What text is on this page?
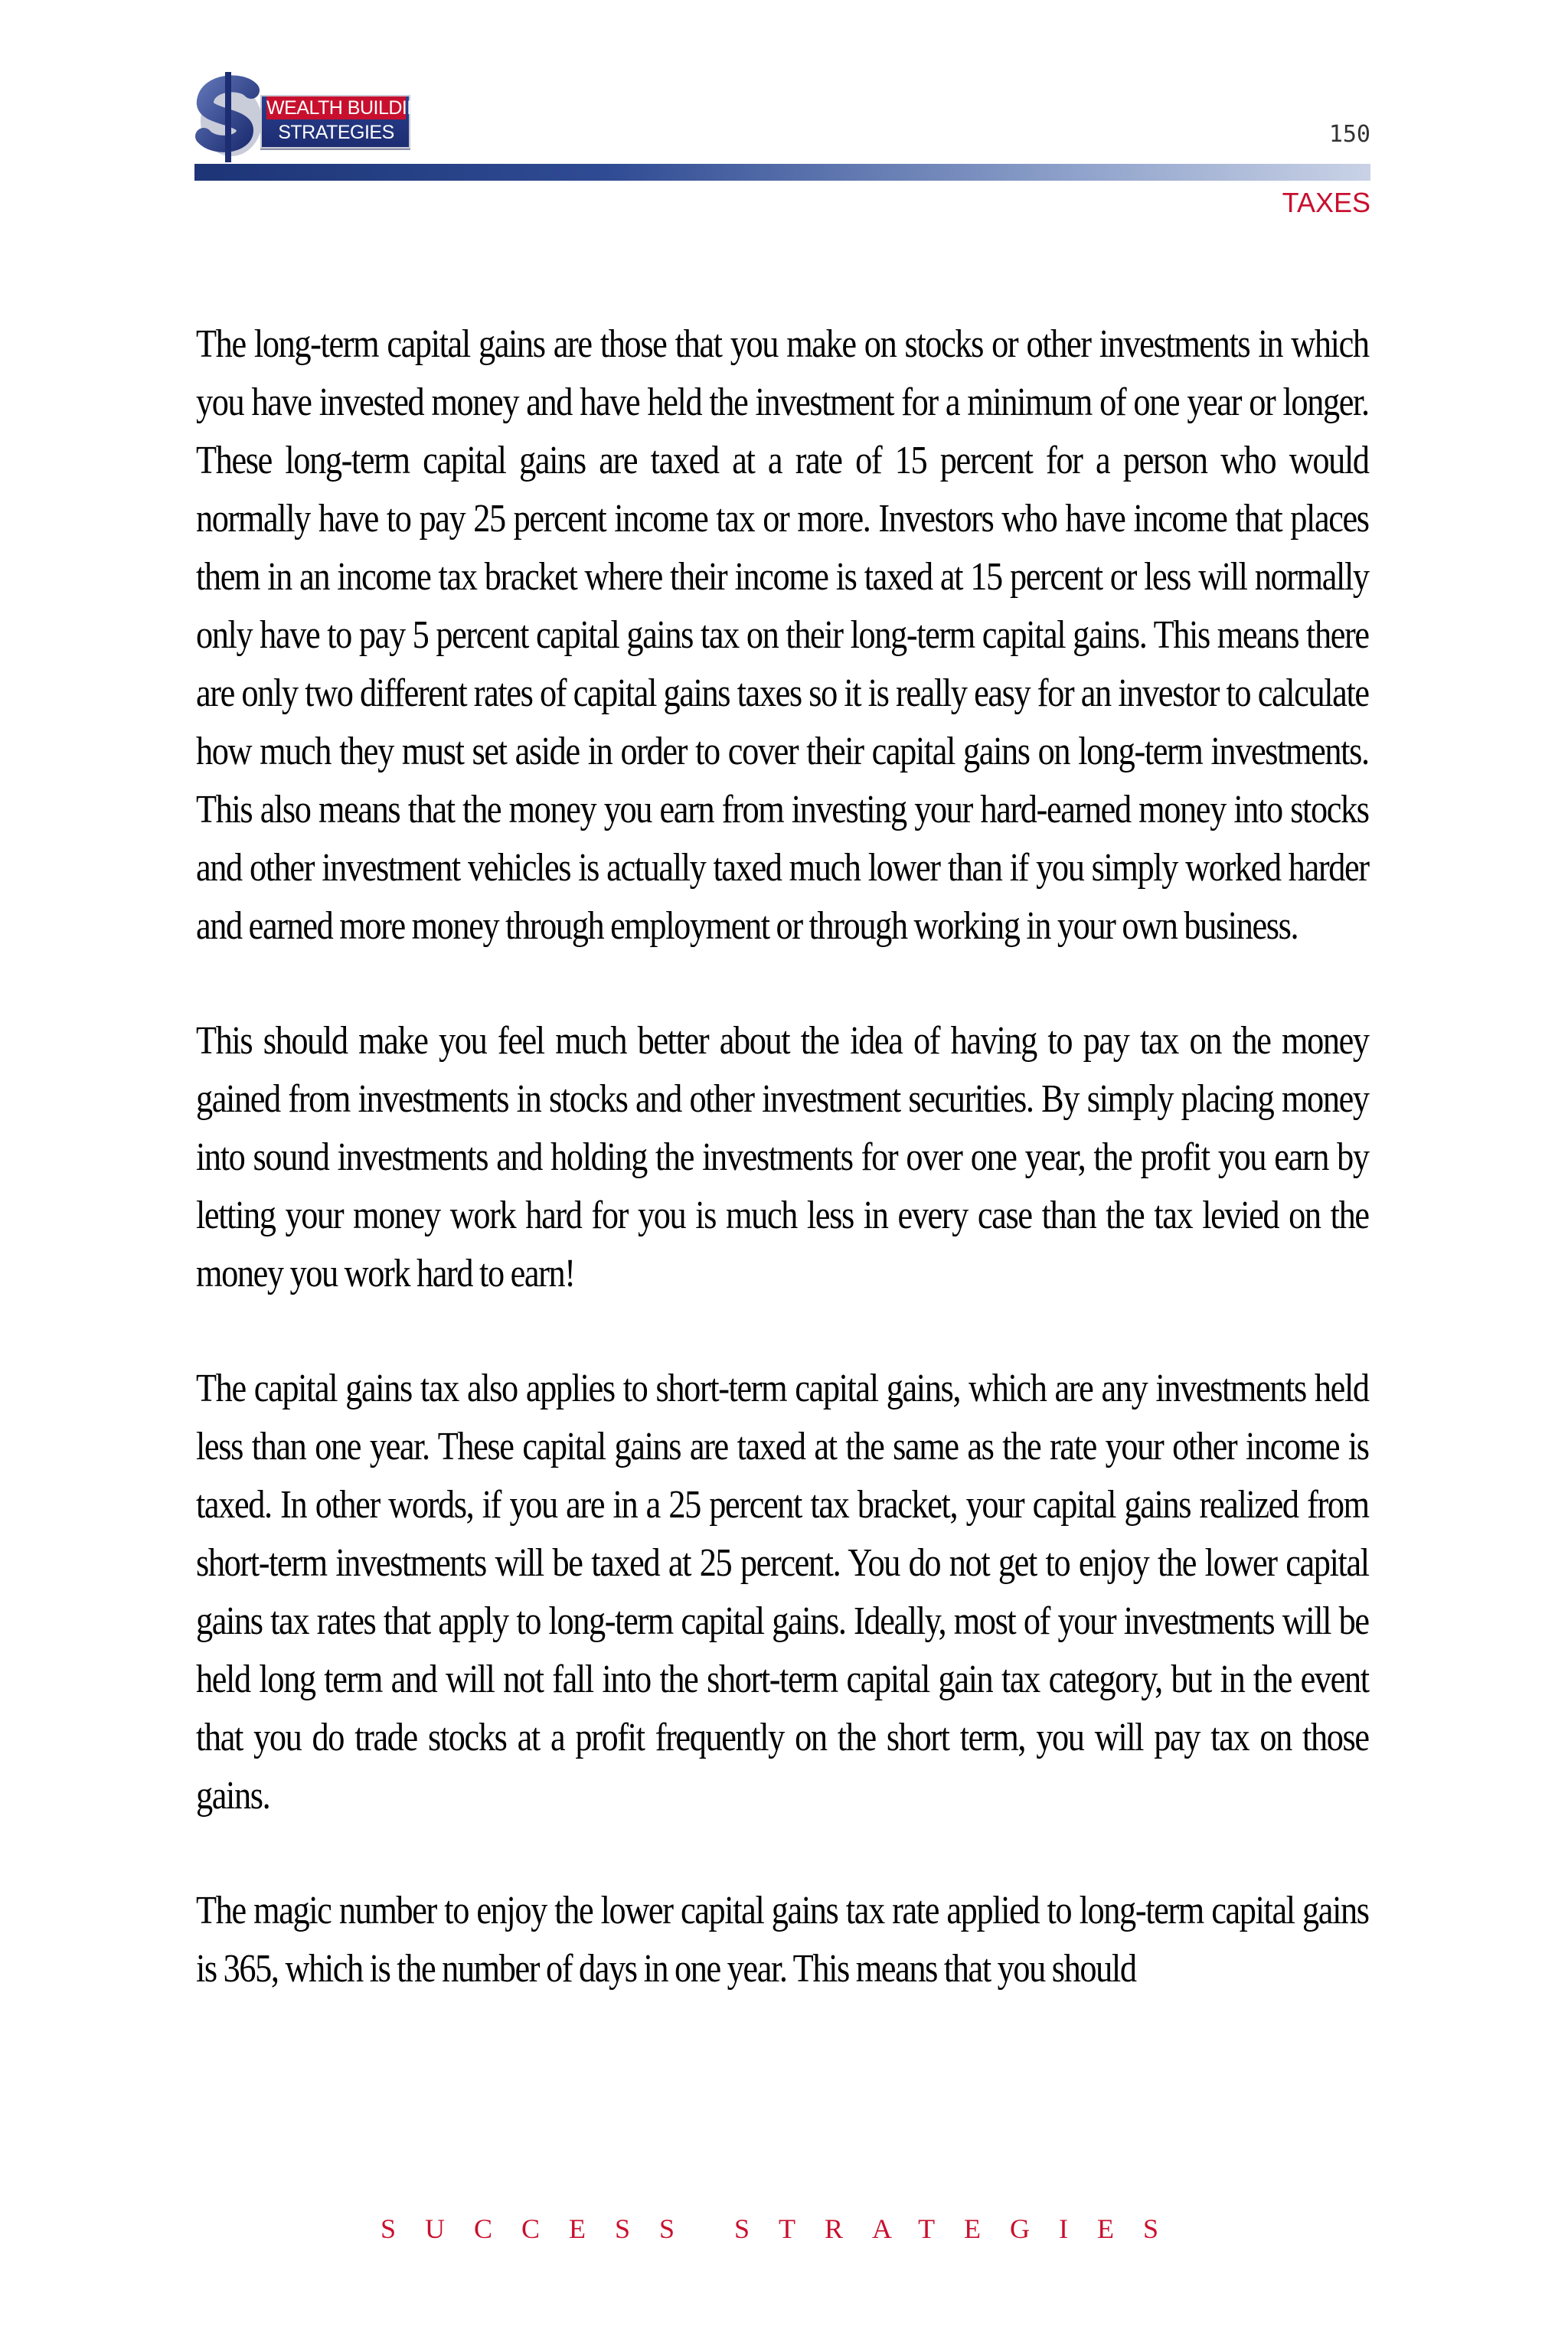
WEALTH BUILDING
STRATEGIES	150
TAXES

The long-term capital gains are those that you make on stocks or other investments in which you have invested money and have held the investment for a minimum of one year or longer. These long-term capital gains are taxed at a rate of 15 percent for a person who would normally have to pay 25 percent income tax or more. Investors who have income that places them in an income tax bracket where their income is taxed at 15 percent or less will normally only have to pay 5 percent capital gains tax on their long-term capital gains. This means there are only two different rates of capital gains taxes so it is really easy for an investor to calculate how much they must set aside in order to cover their capital gains on long-term investments. This also means that the money you earn from investing your hard-earned money into stocks and other investment vehicles is actually taxed much lower than if you simply worked harder and earned more money through employment or through working in your own business.

This should make you feel much better about the idea of having to pay tax on the money gained from investments in stocks and other investment securities. By simply placing money into sound investments and holding the investments for over one year, the profit you earn by letting your money work hard for you is much less in every case than the tax levied on the money you work hard to earn!

The capital gains tax also applies to short-term capital gains, which are any investments held less than one year. These capital gains are taxed at the same as the rate your other income is taxed. In other words, if you are in a 25 percent tax bracket, your capital gains realized from short-term investments will be taxed at 25 percent. You do not get to enjoy the lower capital gains tax rates that apply to long-term capital gains. Ideally, most of your investments will be held long term and will not fall into the short-term capital gain tax category, but in the event that you do trade stocks at a profit frequently on the short term, you will pay tax on those gains.

The magic number to enjoy the lower capital gains tax rate applied to long-term capital gains is 365, which is the number of days in one year. This means that you should

SUCCESS STRATEGIES
